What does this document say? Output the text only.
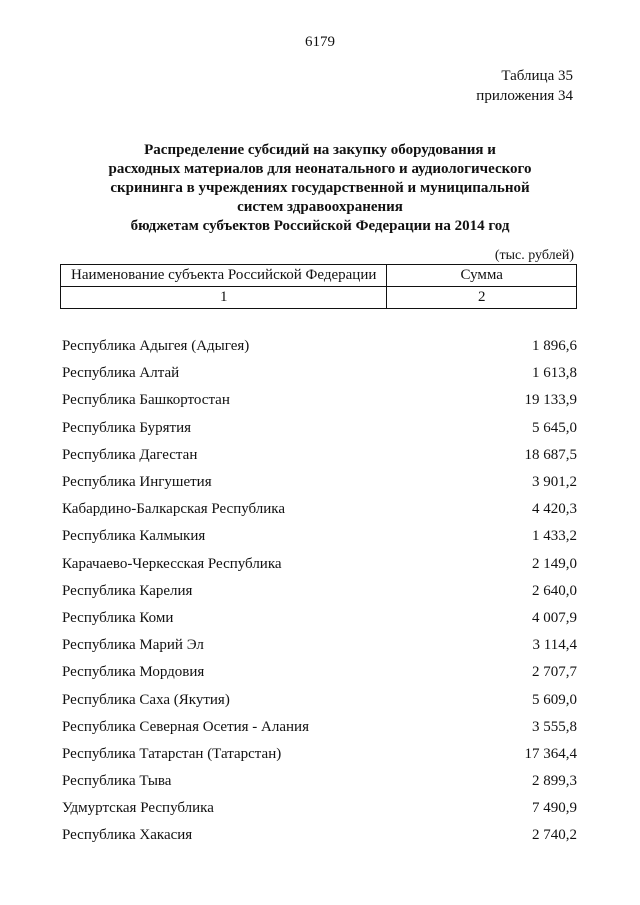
6179
Таблица 35
приложения 34
Распределение субсидий на закупку оборудования и
расходных материалов для неонатального и аудиологического
скрининга в учреждениях государственной и муниципальной
систем здравоохранения
бюджетам субъектов Российской Федерации на 2014 год
(тыс. рублей)
Наименование субъекта Российской Федерации	Сумма
1	2
Республика Адыгея (Адыгея)	1 896,6
Республика Алтай	1 613,8
Республика Башкортостан	19 133,9
Республика Бурятия	5 645,0
Республика Дагестан	18 687,5
Республика Ингушетия	3 901,2
Кабардино-Балкарская Республика	4 420,3
Республика Калмыкия	1 433,2
Карачаево-Черкесская Республика	2 149,0
Республика Карелия	2 640,0
Республика Коми	4 007,9
Республика Марий Эл	3 114,4
Республика Мордовия	2 707,7
Республика Саха (Якутия)	5 609,0
Республика Северная Осетия - Алания	3 555,8
Республика Татарстан (Татарстан)	17 364,4
Республика Тыва	2 899,3
Удмуртская Республика	7 490,9
Республика Хакасия	2 740,2
